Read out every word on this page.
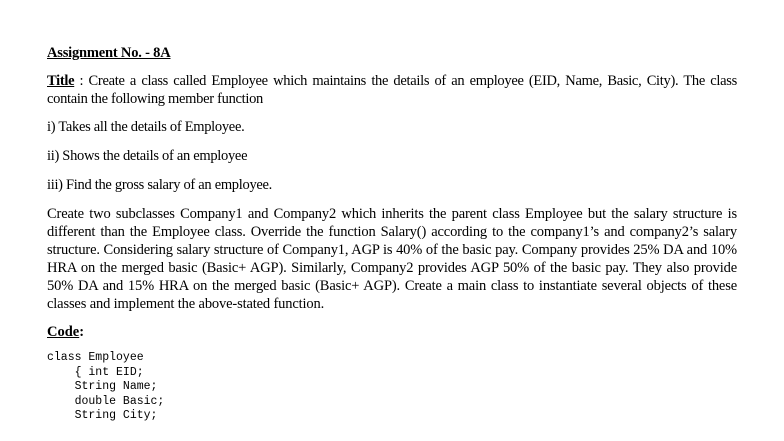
Assignment No. - 8A
Title : Create a class called Employee which maintains the details of an employee (EID, Name, Basic, City). The class contain the following member function
i) Takes all the details of Employee.
ii) Shows the details of an employee
iii) Find the gross salary of an employee.
Create two subclasses Company1 and Company2 which inherits the parent class Employee but the salary structure is different than the Employee class. Override the function Salary() according to the company1’s and company2’s salary structure. Considering salary structure of Company1, AGP is 40% of the basic pay. Company provides 25% DA and 10% HRA on the merged basic (Basic+ AGP). Similarly, Company2 provides AGP 50% of the basic pay. They also provide 50% DA and 15% HRA on the merged basic (Basic+ AGP). Create a main class to instantiate several objects of these classes and implement the above-stated function.
Code:
class Employee
{ int EID;
String Name;
double Basic;
String City;
